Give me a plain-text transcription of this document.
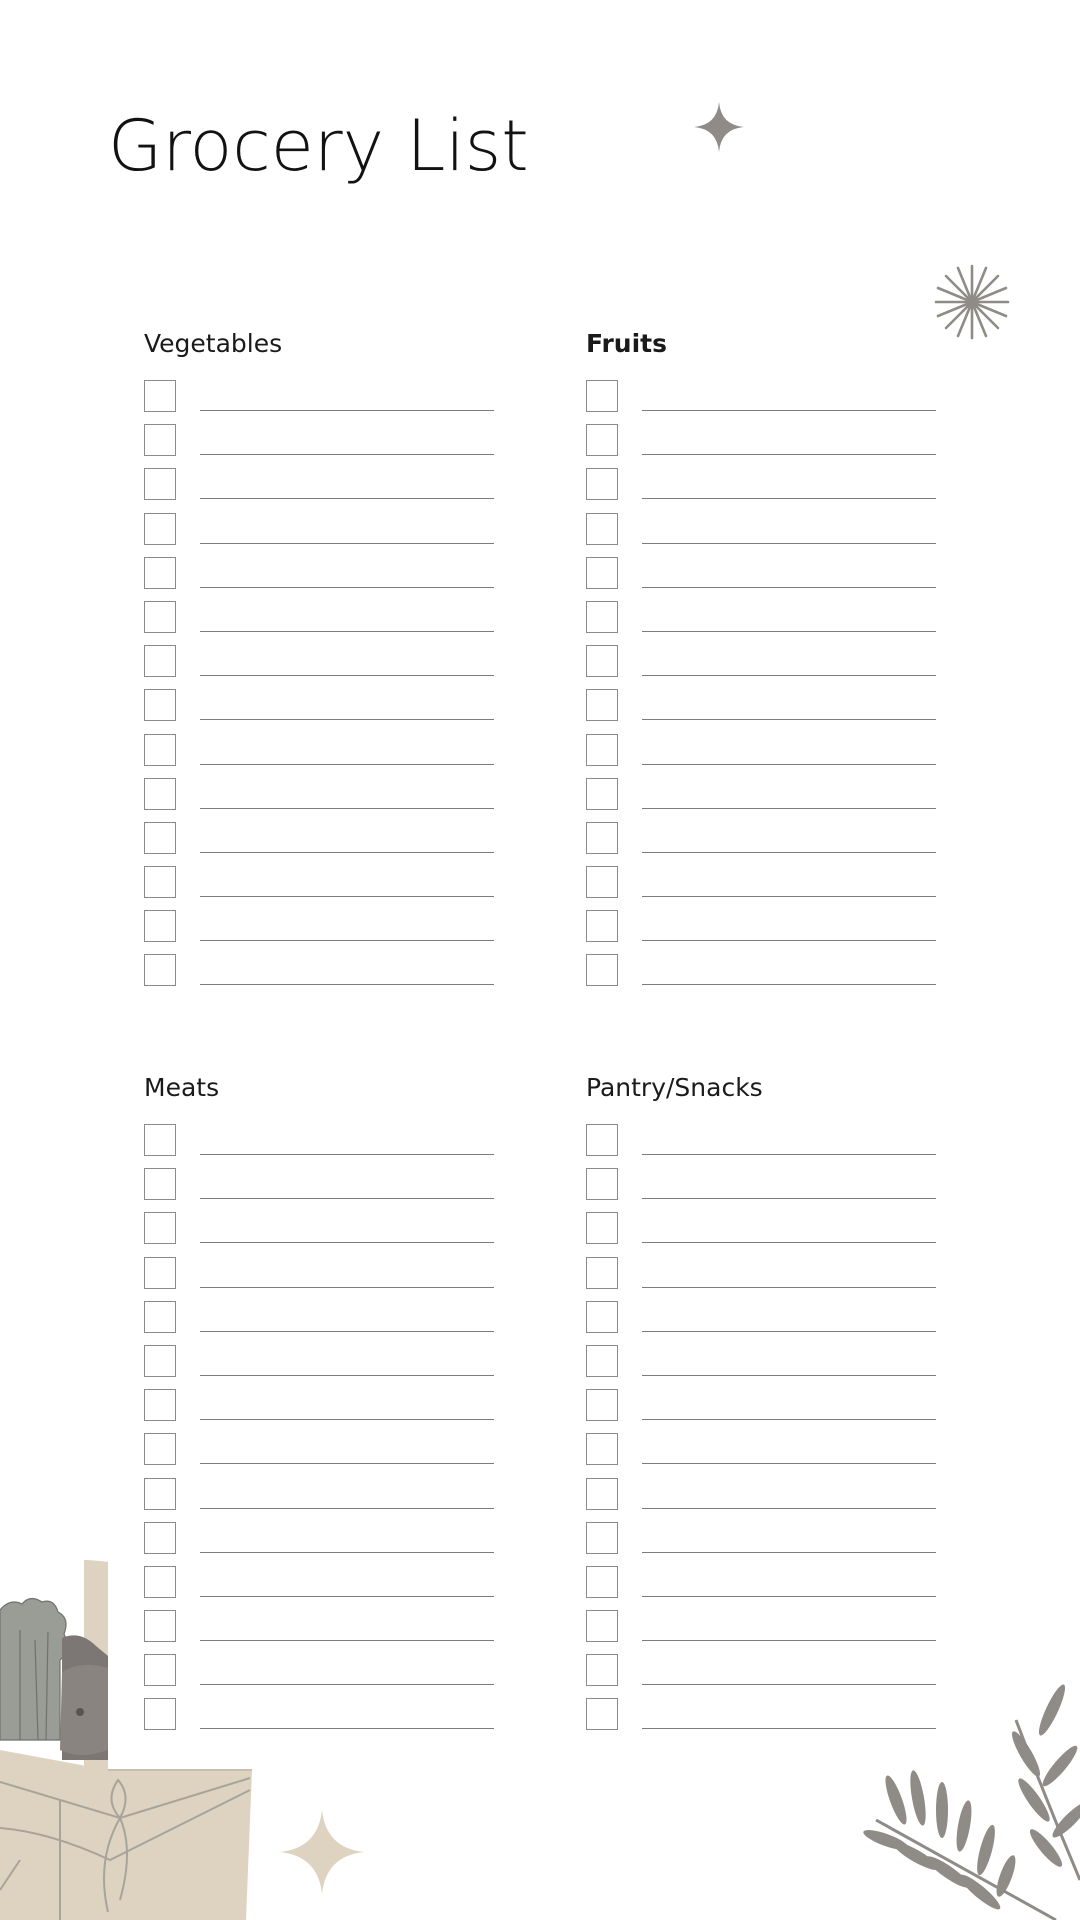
Grocery List

Vegetables	Fruits

Meats	Pantry/Snacks
